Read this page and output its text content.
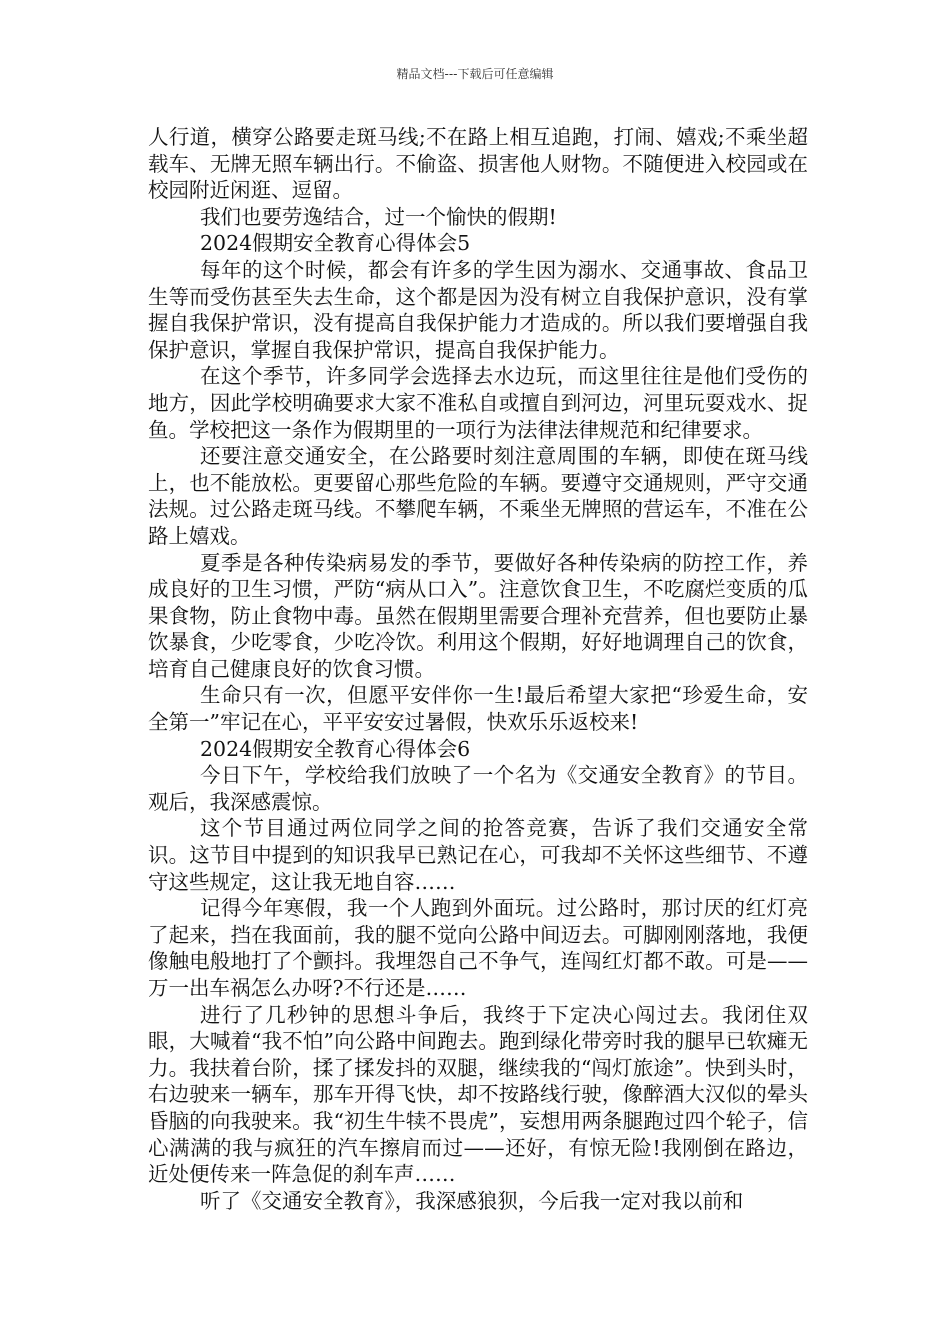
精品文档---下载后可任意编辑

人行道，横穿公路要走斑马线;不在路上相互追跑，打闹、嬉戏;不乘坐超载车、无牌无照车辆出行。不偷盗、损害他人财物。不随便进入校园或在校园附近闲逛、逗留。

我们也要劳逸结合，过一个愉快的假期!

2024假期安全教育心得体会5

每年的这个时候，都会有许多的学生因为溺水、交通事故、食品卫生等而受伤甚至失去生命，这个都是因为没有树立自我保护意识，没有掌握自我保护常识，没有提高自我保护能力才造成的。所以我们要增强自我保护意识，掌握自我保护常识，提高自我保护能力。

在这个季节，许多同学会选择去水边玩，而这里往往是他们受伤的地方，因此学校明确要求大家不准私自或擅自到河边，河里玩耍戏水、捉鱼。学校把这一条作为假期里的一项行为法律法律规范和纪律要求。

还要注意交通安全，在公路要时刻注意周围的车辆，即使在斑马线上，也不能放松。更要留心那些危险的车辆。要遵守交通规则，严守交通法规。过公路走斑马线。不攀爬车辆，不乘坐无牌照的营运车，不准在公路上嬉戏。

夏季是各种传染病易发的季节，要做好各种传染病的防控工作，养成良好的卫生习惯，严防“病从口入”。注意饮食卫生，不吃腐烂变质的瓜果食物，防止食物中毒。虽然在假期里需要合理补充营养，但也要防止暴饮暴食，少吃零食，少吃冷饮。利用这个假期，好好地调理自己的饮食，培育自己健康良好的饮食习惯。

生命只有一次，但愿平安伴你一生!最后希望大家把“珍爱生命，安全第一”牢记在心，平平安安过暑假，快欢乐乐返校来!

2024假期安全教育心得体会6

今日下午，学校给我们放映了一个名为《交通安全教育》的节目。观后，我深感震惊。

这个节目通过两位同学之间的抢答竞赛，告诉了我们交通安全常识。这节目中提到的知识我早已熟记在心，可我却不关怀这些细节、不遵守这些规定，这让我无地自容……

记得今年寒假，我一个人跑到外面玩。过公路时，那讨厌的红灯亮了起来，挡在我面前，我的腿不觉向公路中间迈去。可脚刚刚落地，我便像触电般地打了个颤抖。我埋怨自己不争气，连闯红灯都不敢。可是——万一出车祸怎么办呀?不行还是……

进行了几秒钟的思想斗争后，我终于下定决心闯过去。我闭住双眼，大喊着“我不怕”向公路中间跑去。跑到绿化带旁时我的腿早已软瘫无力。我扶着台阶，揉了揉发抖的双腿，继续我的“闯灯旅途”。快到头时，右边驶来一辆车，那车开得飞快，却不按路线行驶，像醉酒大汉似的晕头昏脑的向我驶来。我“初生牛犊不畏虎”，妄想用两条腿跑过四个轮子，信心满满的我与疯狂的汽车擦肩而过——还好，有惊无险!我刚倒在路边，近处便传来一阵急促的刹车声……

听了《交通安全教育》，我深感狼狈，今后我一定对我以前和
